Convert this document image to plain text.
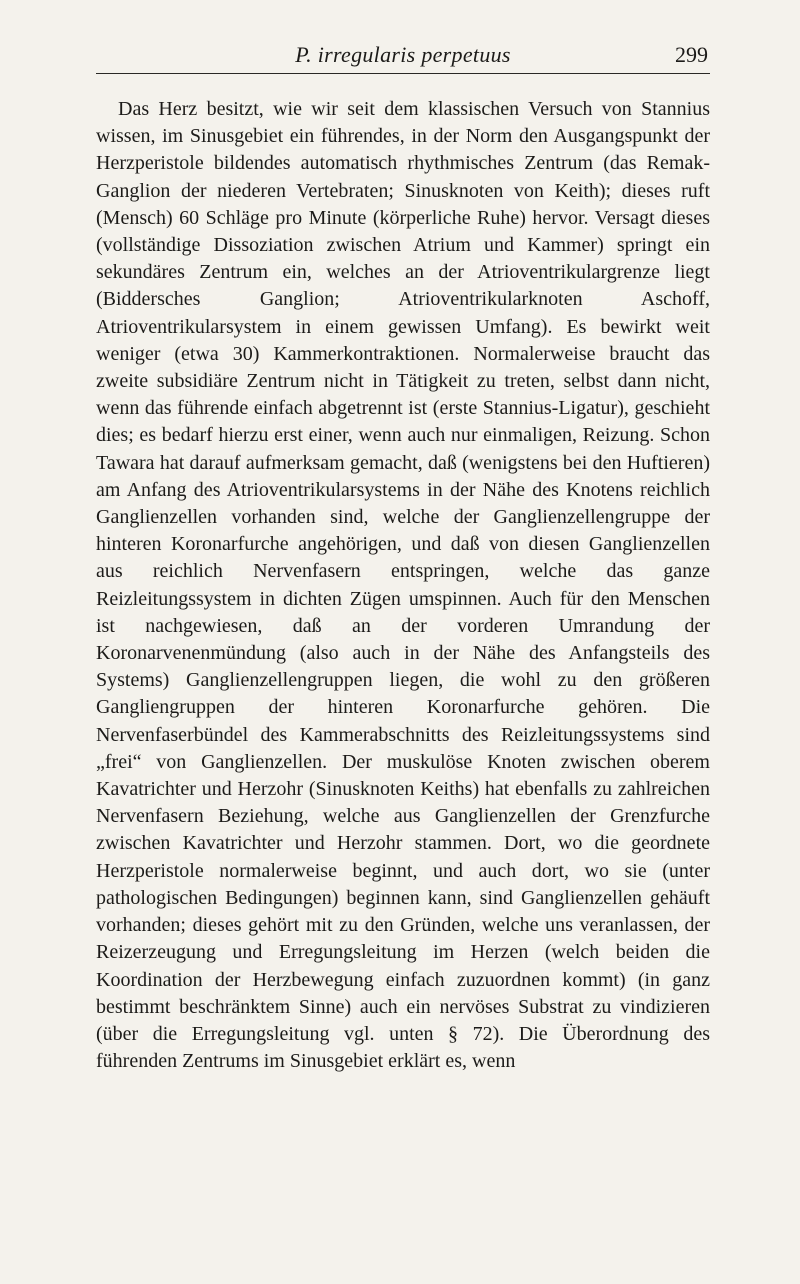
P. irregularis perpetuus	299

Das Herz besitzt, wie wir seit dem klassischen Versuch von Stannius wissen, im Sinusgebiet ein führendes, in der Norm den Ausgangspunkt der Herzperistole bildendes automatisch rhythmisches Zentrum (das Remak-Ganglion der niederen Vertebraten; Sinusknoten von Keith); dieses ruft (Mensch) 60 Schläge pro Minute (körperliche Ruhe) hervor. Versagt dieses (vollständige Dissoziation zwischen Atrium und Kammer) springt ein sekundäres Zentrum ein, welches an der Atrioventrikulargrenze liegt (Biddersches Ganglion; Atrioventrikularknoten Aschoff, Atrioventrikularsystem in einem gewissen Umfang). Es bewirkt weit weniger (etwa 30) Kammerkontraktionen. Normalerweise braucht das zweite subsidiäre Zentrum nicht in Tätigkeit zu treten, selbst dann nicht, wenn das führende einfach abgetrennt ist (erste Stannius-Ligatur), geschieht dies; es bedarf hierzu erst einer, wenn auch nur einmaligen, Reizung. Schon Tawara hat darauf aufmerksam gemacht, daß (wenigstens bei den Huftieren) am Anfang des Atrioventrikularsystems in der Nähe des Knotens reichlich Ganglienzellen vorhanden sind, welche der Ganglienzellengruppe der hinteren Koronarfurche angehörigen, und daß von diesen Ganglienzellen aus reichlich Nervenfasern entspringen, welche das ganze Reizleitungssystem in dichten Zügen umspinnen. Auch für den Menschen ist nachgewiesen, daß an der vorderen Umrandung der Koronarvenenmündung (also auch in der Nähe des Anfangsteils des Systems) Ganglienzellengruppen liegen, die wohl zu den größeren Gangliengruppen der hinteren Koronarfurche gehören. Die Nervenfaserbündel des Kammerabschnitts des Reizleitungssystems sind „frei“ von Ganglienzellen. Der muskulöse Knoten zwischen oberem Kavatrichter und Herzohr (Sinusknoten Keiths) hat ebenfalls zu zahlreichen Nervenfasern Beziehung, welche aus Ganglienzellen der Grenzfurche zwischen Kavatrichter und Herzohr stammen. Dort, wo die geordnete Herzperistole normalerweise beginnt, und auch dort, wo sie (unter pathologischen Bedingungen) beginnen kann, sind Ganglienzellen gehäuft vorhanden; dieses gehört mit zu den Gründen, welche uns veranlassen, der Reizerzeugung und Erregungsleitung im Herzen (welch beiden die Koordination der Herzbewegung einfach zuzuordnen kommt) (in ganz bestimmt beschränktem Sinne) auch ein nervöses Substrat zu vindizieren (über die Erregungsleitung vgl. unten § 72). Die Überordnung des führenden Zentrums im Sinusgebiet erklärt es, wenn
